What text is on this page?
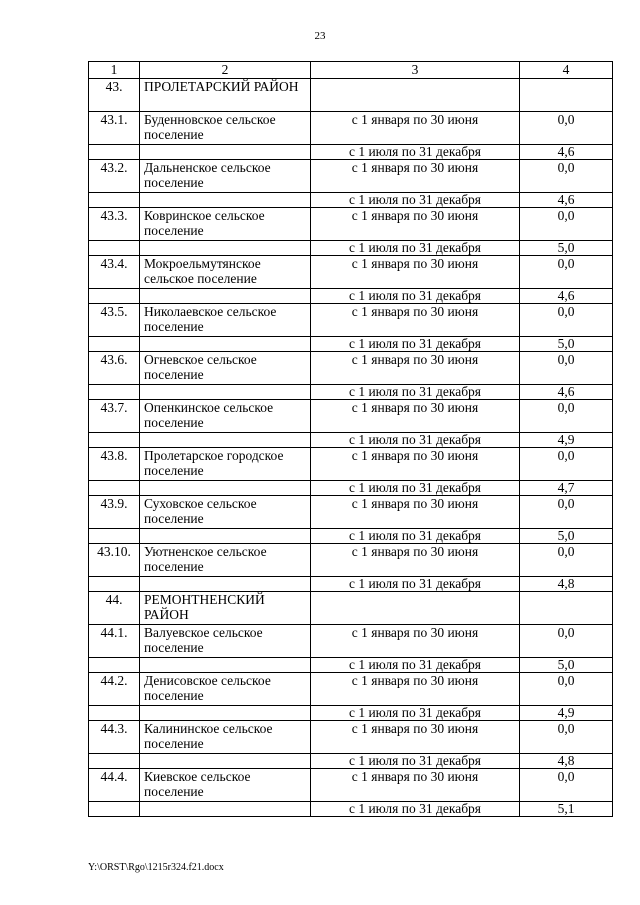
23
1	2	3	4
43.	ПРОЛЕТАРСКИЙ РАЙОН		
43.1.	Буденновское сельское поселение	с 1 января по 30 июня	0,0
		с 1 июля по 31 декабря	4,6
43.2.	Дальненское сельское поселение	с 1 января по 30 июня	0,0
		с 1 июля по 31 декабря	4,6
43.3.	Ковринское сельское поселение	с 1 января по 30 июня	0,0
		с 1 июля по 31 декабря	5,0
43.4.	Мокроельмутянское сельское поселение	с 1 января по 30 июня	0,0
		с 1 июля по 31 декабря	4,6
43.5.	Николаевское сельское поселение	с 1 января по 30 июня	0,0
		с 1 июля по 31 декабря	5,0
43.6.	Огневское сельское поселение	с 1 января по 30 июня	0,0
		с 1 июля по 31 декабря	4,6
43.7.	Опенкинское сельское поселение	с 1 января по 30 июня	0,0
		с 1 июля по 31 декабря	4,9
43.8.	Пролетарское городское поселение	с 1 января по 30 июня	0,0
		с 1 июля по 31 декабря	4,7
43.9.	Суховское сельское поселение	с 1 января по 30 июня	0,0
		с 1 июля по 31 декабря	5,0
43.10.	Уютненское сельское поселение	с 1 января по 30 июня	0,0
		с 1 июля по 31 декабря	4,8
44.	РЕМОНТНЕНСКИЙ РАЙОН		
44.1.	Валуевское сельское поселение	с 1 января по 30 июня	0,0
		с 1 июля по 31 декабря	5,0
44.2.	Денисовское сельское поселение	с 1 января по 30 июня	0,0
		с 1 июля по 31 декабря	4,9
44.3.	Калининское сельское поселение	с 1 января по 30 июня	0,0
		с 1 июля по 31 декабря	4,8
44.4.	Киевское сельское поселение	с 1 января по 30 июня	0,0
		с 1 июля по 31 декабря	5,1
Y:\ORST\Rgo\1215r324.f21.docx
